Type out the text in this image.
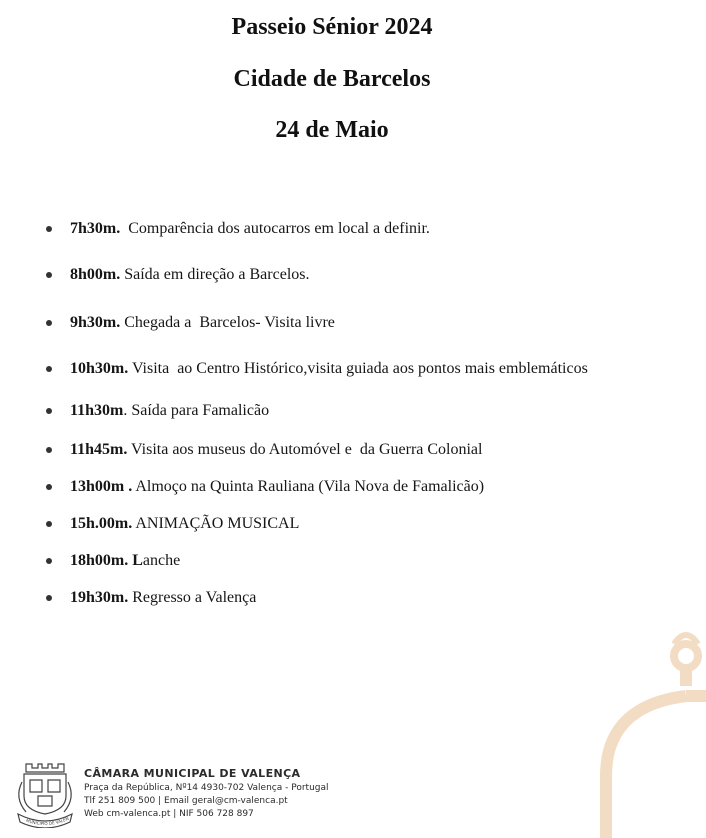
Passeio Sénior 2024
Cidade de Barcelos
24 de Maio
7h30m.  Comparência dos autocarros em local a definir.
8h00m. Saída em direção a Barcelos.
9h30m. Chegada a  Barcelos- Visita livre
10h30m. Visita  ao Centro Histórico,visita guiada aos pontos mais emblemáticos
11h30m. Saída para Famalicão
11h45m. Visita aos museus do Automóvel e  da Guerra Colonial
13h00m . Almoço na Quinta Rauliana (Vila Nova de Famalicão)
15h.00m. ANIMAÇÃO MUSICAL
18h00m. Lanche
19h30m. Regresso a Valença
MUNICIPIO DE VALEN
CÂMARA MUNICIPAL DE VALENÇA
Praça da República, Nº14 4930-702 Valença - Portugal
Tlf 251 809 500 | Email geral@cm-valenca.pt
Web cm-valenca.pt | NIF 506 728 897
